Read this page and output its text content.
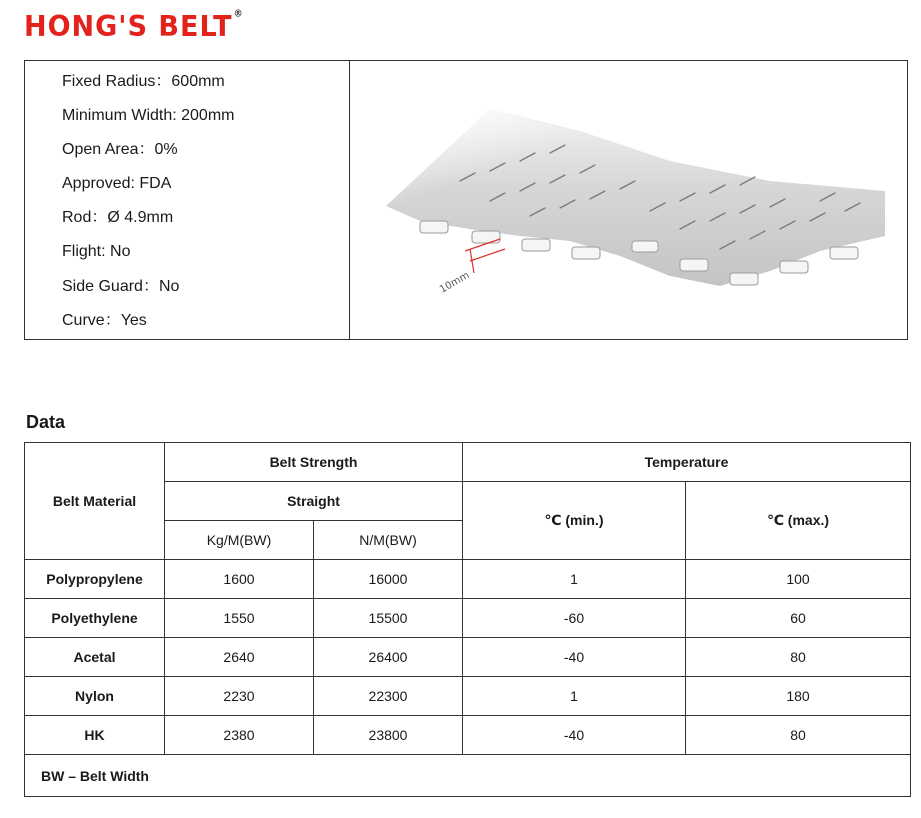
HONG'S BELT®
Fixed Radius：600mm
Minimum Width: 200mm
Open Area：0%
Approved: FDA
Rod：Ø 4.9mm
Flight: No
Side Guard：No
Curve：Yes
10mm
Data
Belt Material	Belt Strength		Temperature	
	Straight		℃ (min.)	℃ (max.)
	Kg/M(BW)	N/M(BW)		
Polypropylene	1600	16000	1	100
Polyethylene	1550	15500	-60	60
Acetal	2640	26400	-40	80
Nylon	2230	22300	1	180
HK	2380	23800	-40	80
BW – Belt Width				
